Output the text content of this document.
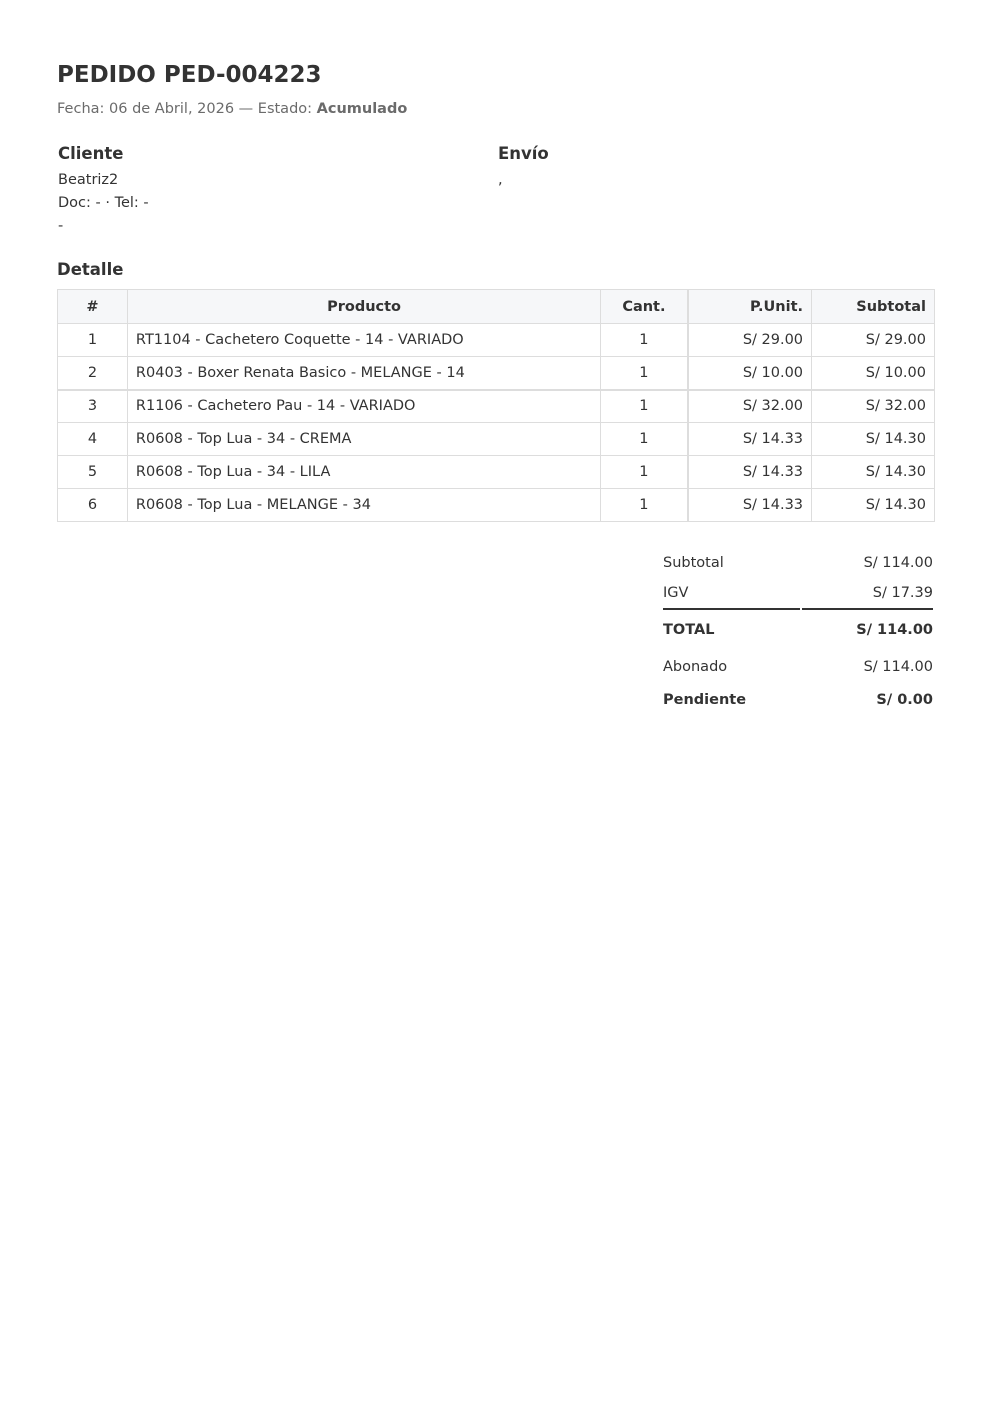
PEDIDO PED-004223
Fecha: 06 de Abril, 2026 — Estado: Acumulado
Cliente
Beatriz2
Doc: - · Tel: -
-
Envío
,
Detalle
#	Producto	Cant.	P.Unit.	Subtotal
1	RT1104 - Cachetero Coquette - 14 - VARIADO	1	S/ 29.00	S/ 29.00
2	R0403 - Boxer Renata Basico - MELANGE - 14	1	S/ 10.00	S/ 10.00
3	R1106 - Cachetero Pau - 14 - VARIADO	1	S/ 32.00	S/ 32.00
4	R0608 - Top Lua - 34 - CREMA	1	S/ 14.33	S/ 14.30
5	R0608 - Top Lua - 34 - LILA	1	S/ 14.33	S/ 14.30
6	R0608 - Top Lua - MELANGE - 34	1	S/ 14.33	S/ 14.30
Subtotal	S/ 114.00
IGV	S/ 17.39
TOTAL	S/ 114.00
Abonado	S/ 114.00
Pendiente	S/ 0.00
